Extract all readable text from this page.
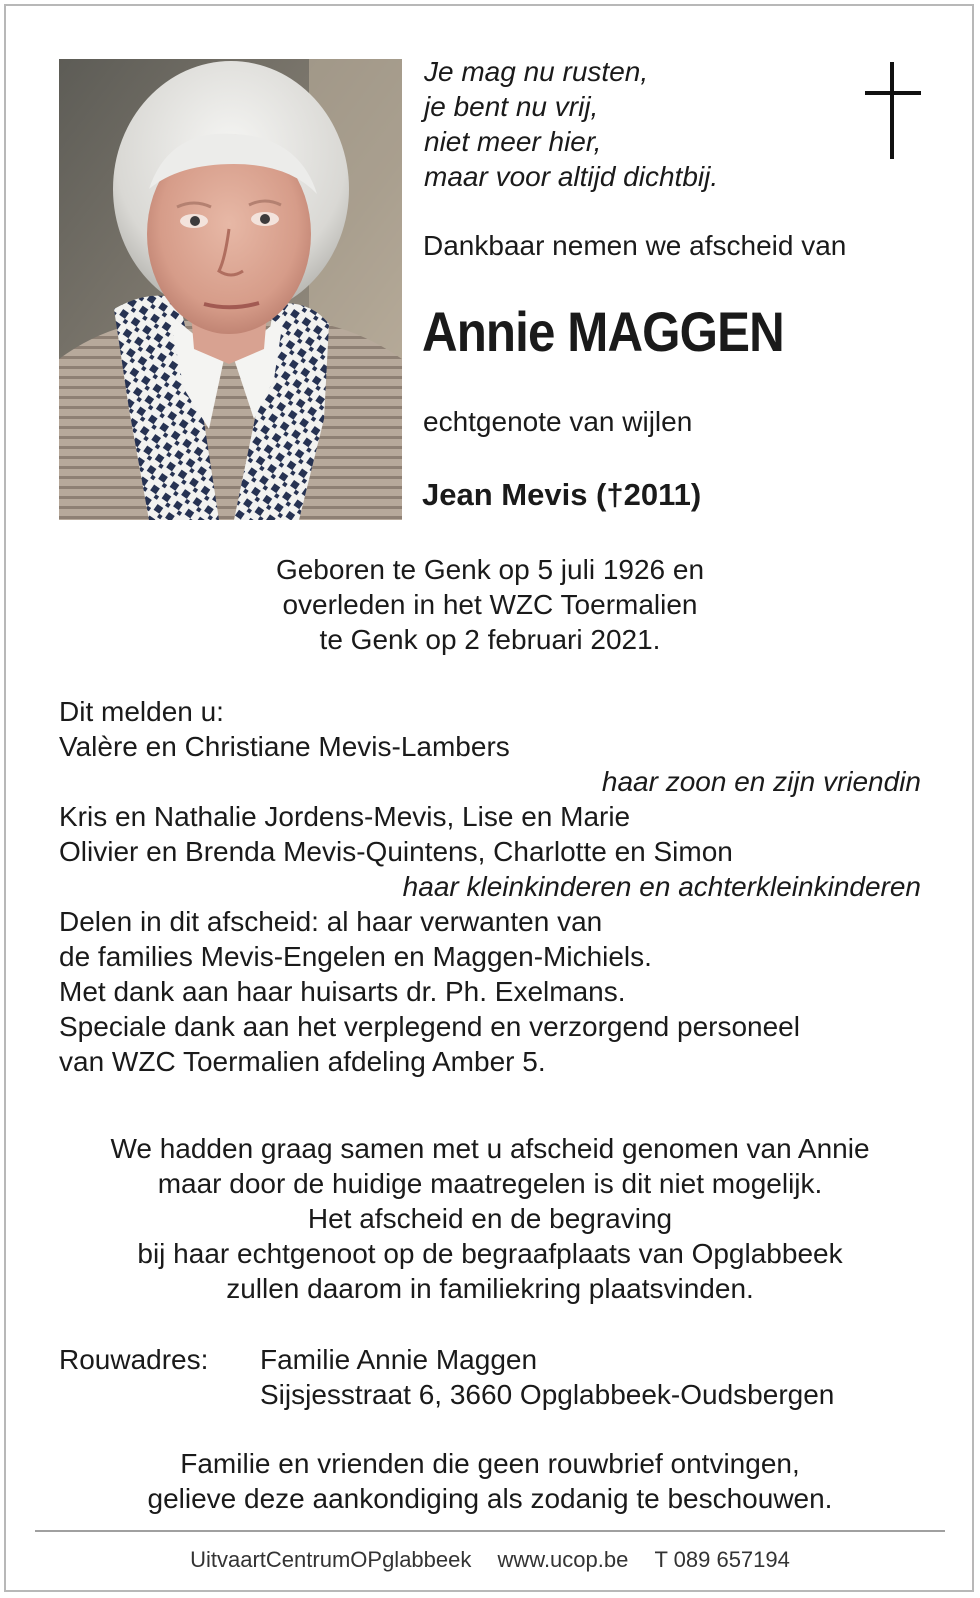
Je mag nu rusten,
je bent nu vrij,
niet meer hier,
maar voor altijd dichtbij.
Dankbaar nemen we afscheid van
Annie MAGGEN
echtgenote van wijlen
Jean Mevis (†2011)
Geboren te Genk op 5 juli 1926 en
overleden in het WZC Toermalien
te Genk op 2 februari 2021.
Dit melden u:
Valère en Christiane Mevis-Lambers
haar zoon en zijn vriendin
Kris en Nathalie Jordens-Mevis, Lise en Marie
Olivier en Brenda Mevis-Quintens, Charlotte en Simon
haar kleinkinderen en achterkleinkinderen
Delen in dit afscheid: al haar verwanten van
de families Mevis-Engelen en Maggen-Michiels.
Met dank aan haar huisarts dr. Ph. Exelmans.
Speciale dank aan het verplegend en verzorgend personeel
van WZC Toermalien afdeling Amber 5.
We hadden graag samen met u afscheid genomen van Annie
maar door de huidige maatregelen is dit niet mogelijk.
Het afscheid en de begraving
bij haar echtgenoot op de begraafplaats van Opglabbeek
zullen daarom in familiekring plaatsvinden.
Rouwadres: Familie Annie Maggen
Sijsjesstraat 6, 3660 Opglabbeek-Oudsbergen
Familie en vrienden die geen rouwbrief ontvingen,
gelieve deze aankondiging als zodanig te beschouwen.
UitvaartCentrumOPglabbeek www.ucop.be T 089 657194
